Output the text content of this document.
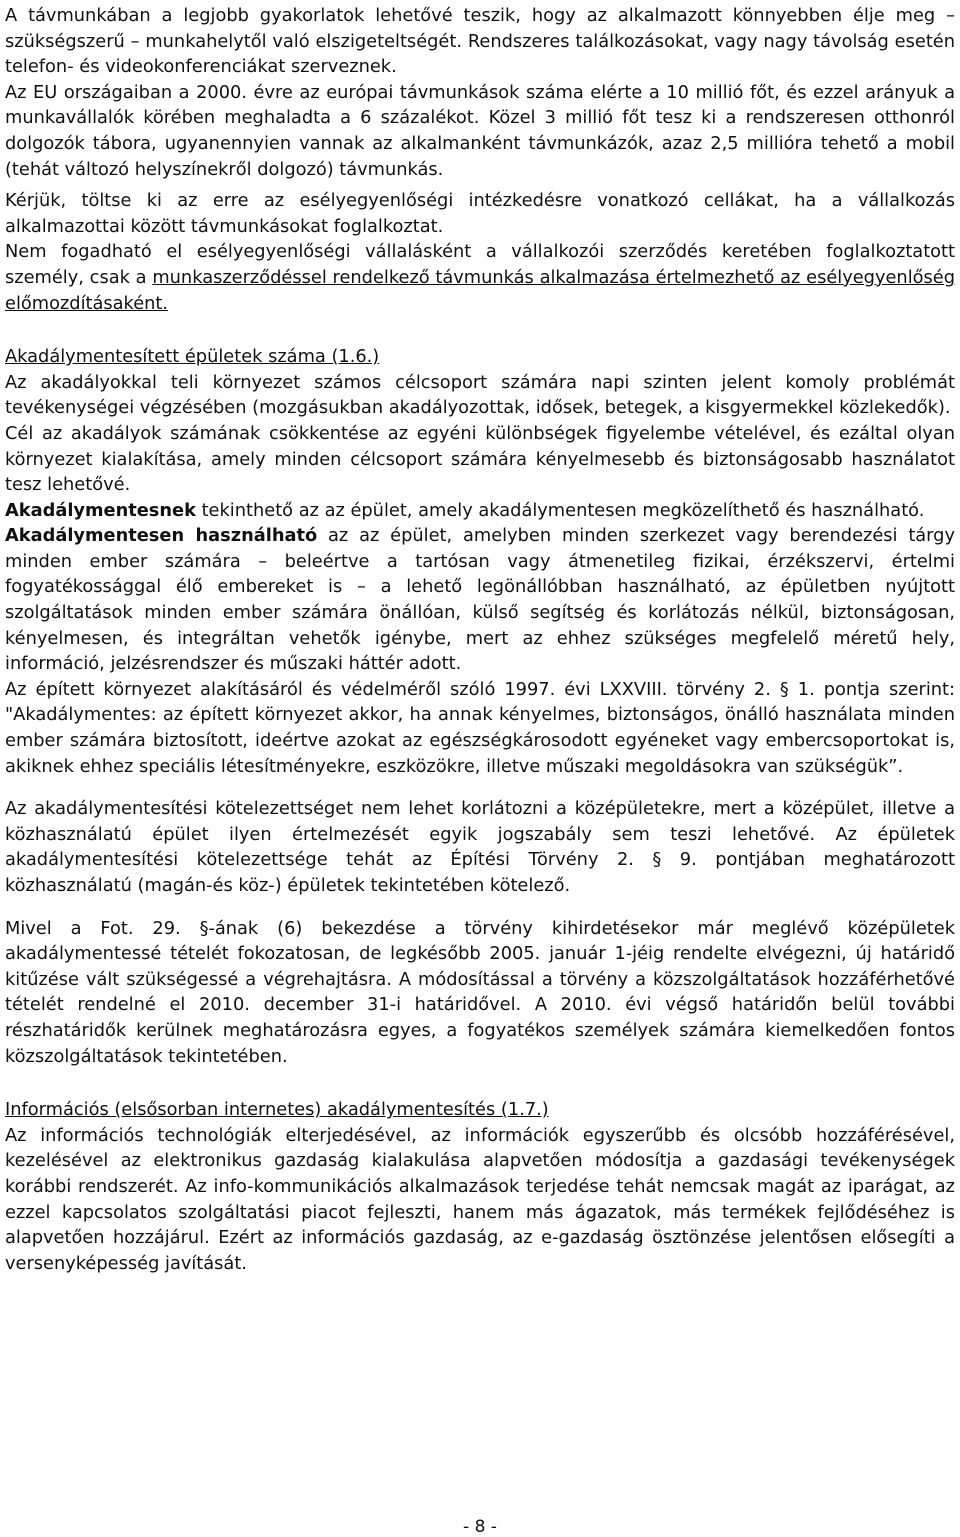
A távmunkában a legjobb gyakorlatok lehetővé teszik, hogy az alkalmazott könnyebben élje meg – szükségszerű – munkahelytől való elszigeteltségét. Rendszeres találkozásokat, vagy nagy távolság esetén telefon- és videokonferenciákat szerveznek.

Az EU országaiban a 2000. évre az európai távmunkások száma elérte a 10 millió főt, és ezzel arányuk a munkavállalók körében meghaladta a 6 százalékot. Közel 3 millió főt tesz ki a rendszeresen otthonról dolgozók tábora, ugyanennyien vannak az alkalmanként távmunkázók, azaz 2,5 millióra tehető a mobil (tehát változó helyszínekről dolgozó) távmunkás.

Kérjük, töltse ki az erre az esélyegyenlőségi intézkedésre vonatkozó cellákat, ha a vállalkozás alkalmazottai között távmunkásokat foglalkoztat.

Nem fogadható el esélyegyenlőségi vállalásként a vállalkozói szerződés keretében foglalkoztatott személy, csak a munkaszerződéssel rendelkező távmunkás alkalmazása értelmezhető az esélyegyenlőség előmozdításaként.

Akadálymentesített épületek száma (1.6.)

Az akadályokkal teli környezet számos célcsoport számára napi szinten jelent komoly problémát tevékenységei végzésében (mozgásukban akadályozottak, idősek, betegek, a kisgyermekkel közlekedők).

Cél az akadályok számának csökkentése az egyéni különbségek figyelembe vételével, és ezáltal olyan környezet kialakítása, amely minden célcsoport számára kényelmesebb és biztonságosabb használatot tesz lehetővé.

Akadálymentesnek tekinthető az az épület, amely akadálymentesen megközelíthető és használható.

Akadálymentesen használható az az épület, amelyben minden szerkezet vagy berendezési tárgy minden ember számára – beleértve a tartósan vagy átmenetileg fizikai, érzékszervi, értelmi fogyatékossággal élő embereket is – a lehető legönállóbban használható, az épületben nyújtott szolgáltatások minden ember számára önállóan, külső segítség és korlátozás nélkül, biztonságosan, kényelmesen, és integráltan vehetők igénybe, mert az ehhez szükséges megfelelő méretű hely, információ, jelzésrendszer és műszaki háttér adott.

Az épített környezet alakításáról és védelméről szóló 1997. évi LXXVIII. törvény 2. § 1. pontja szerint: "Akadálymentes: az épített környezet akkor, ha annak kényelmes, biztonságos, önálló használata minden ember számára biztosított, ideértve azokat az egészségkárosodott egyéneket vagy embercsoportokat is, akiknek ehhez speciális létesítményekre, eszközökre, illetve műszaki megoldásokra van szükségük”.

Az akadálymentesítési kötelezettséget nem lehet korlátozni a középületekre, mert a középület, illetve a közhasználatú épület ilyen értelmezését egyik jogszabály sem teszi lehetővé. Az épületek akadálymentesítési kötelezettsége tehát az Építési Törvény 2. § 9. pontjában meghatározott közhasználatú (magán-és köz-) épületek tekintetében kötelező.

Mivel a Fot. 29. §-ának (6) bekezdése a törvény kihirdetésekor már meglévő középületek akadálymentessé tételét fokozatosan, de legkésőbb 2005. január 1-jéig rendelte elvégezni, új határidő kitűzése vált szükségessé a végrehajtásra. A módosítással a törvény a közszolgáltatások hozzáférhetővé tételét rendelné el 2010. december 31-i határidővel. A 2010. évi végső határidőn belül további részhatáridők kerülnek meghatározásra egyes, a fogyatékos személyek számára kiemelkedően fontos közszolgáltatások tekintetében.

Információs (elsősorban internetes) akadálymentesítés (1.7.)

Az információs technológiák elterjedésével, az információk egyszerűbb és olcsóbb hozzáférésével, kezelésével az elektronikus gazdaság kialakulása alapvetően módosítja a gazdasági tevékenységek korábbi rendszerét. Az info-kommunikációs alkalmazások terjedése tehát nemcsak magát az iparágat, az ezzel kapcsolatos szolgáltatási piacot fejleszti, hanem más ágazatok, más termékek fejlődéséhez is alapvetően hozzájárul. Ezért az információs gazdaság, az e-gazdaság ösztönzése jelentősen elősegíti a versenyképesség javítását.

- 8 -
